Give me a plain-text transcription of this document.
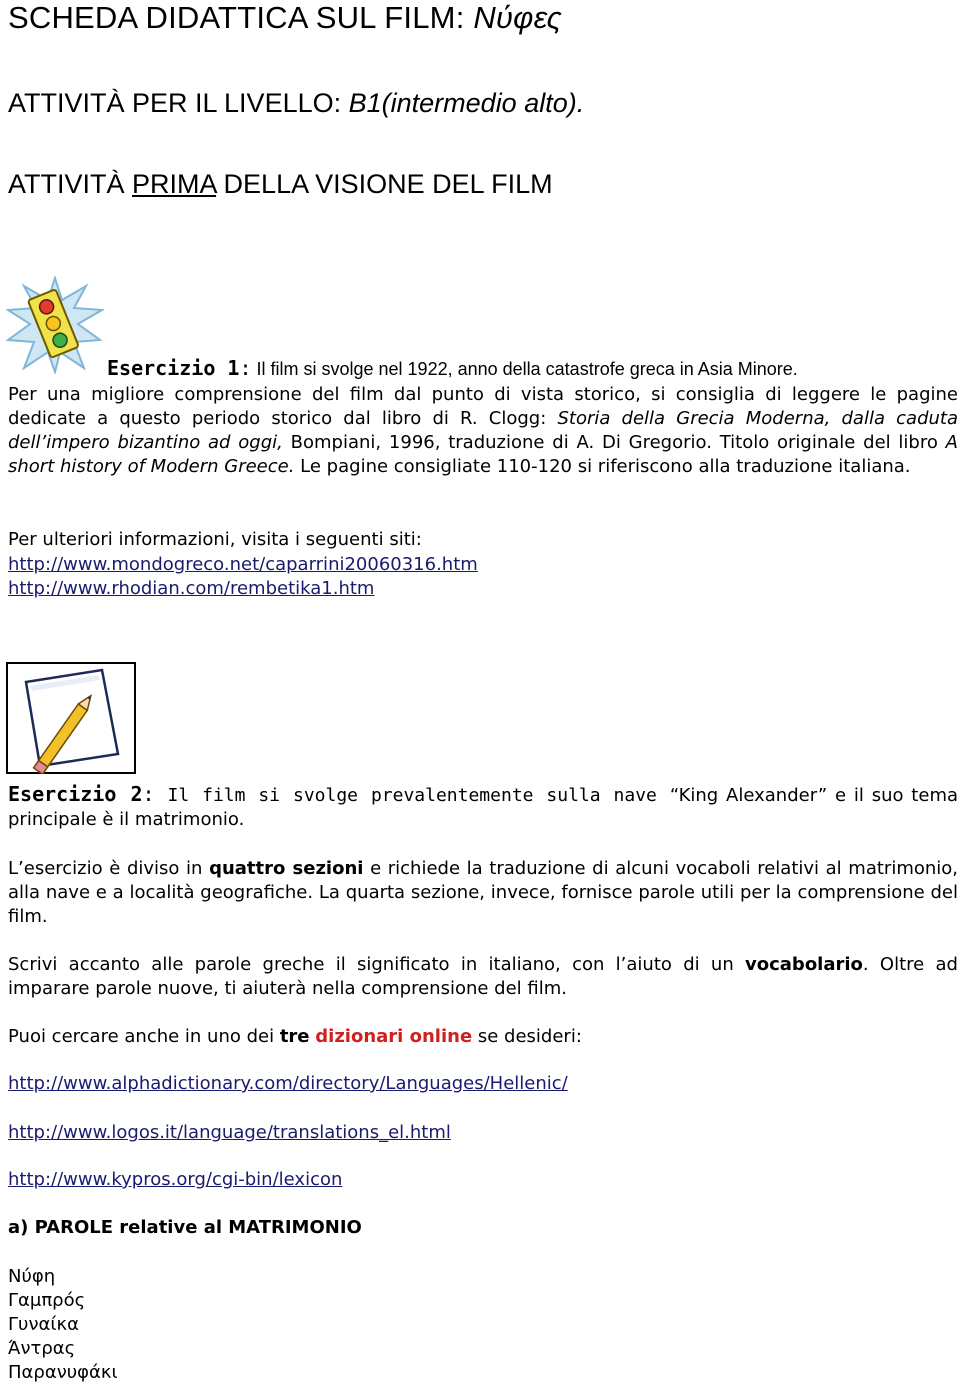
SCHEDA DIDATTICA SUL FILM: Νύφες
ATTIVITÀ PER IL LIVELLO: B1(intermedio alto).
ATTIVITÀ PRIMA DELLA VISIONE DEL FILM
Esercizio 1: Il film si svolge nel 1922, anno della catastrofe greca in Asia Minore.
Per una migliore comprensione del film dal punto di vista storico, si consiglia di leggere le pagine dedicate a questo periodo storico dal libro di R. Clogg: Storia della Grecia Moderna, dalla caduta dell’impero bizantino ad oggi, Bompiani, 1996, traduzione di A. Di Gregorio. Titolo originale del libro A short history of Modern Greece. Le pagine consigliate 110-120 si riferiscono alla traduzione italiana.
Per ulteriori informazioni, visita i seguenti siti:
http://www.mondogreco.net/caparrini20060316.htm
http://www.rhodian.com/rembetika1.htm
Esercizio 2: Il film si svolge prevalentemente sulla nave “King Alexander” e il suo tema principale è il matrimonio.
L’esercizio è diviso in quattro sezioni e richiede la traduzione di alcuni vocaboli relativi al matrimonio, alla nave e a località geografiche. La quarta sezione, invece, fornisce parole utili per la comprensione del film.
Scrivi accanto alle parole greche il significato in italiano, con l’aiuto di un vocabolario. Oltre ad imparare parole nuove, ti aiuterà nella comprensione del film.
Puoi cercare anche in uno dei tre dizionari online se desideri:
http://www.alphadictionary.com/directory/Languages/Hellenic/
http://www.logos.it/language/translations_el.html
http://www.kypros.org/cgi-bin/lexicon
a) PAROLE relative al MATRIMONIO
Νύφη
Γαμπρός
Γυναίκα
Άντρας
Παρανυφάκι
